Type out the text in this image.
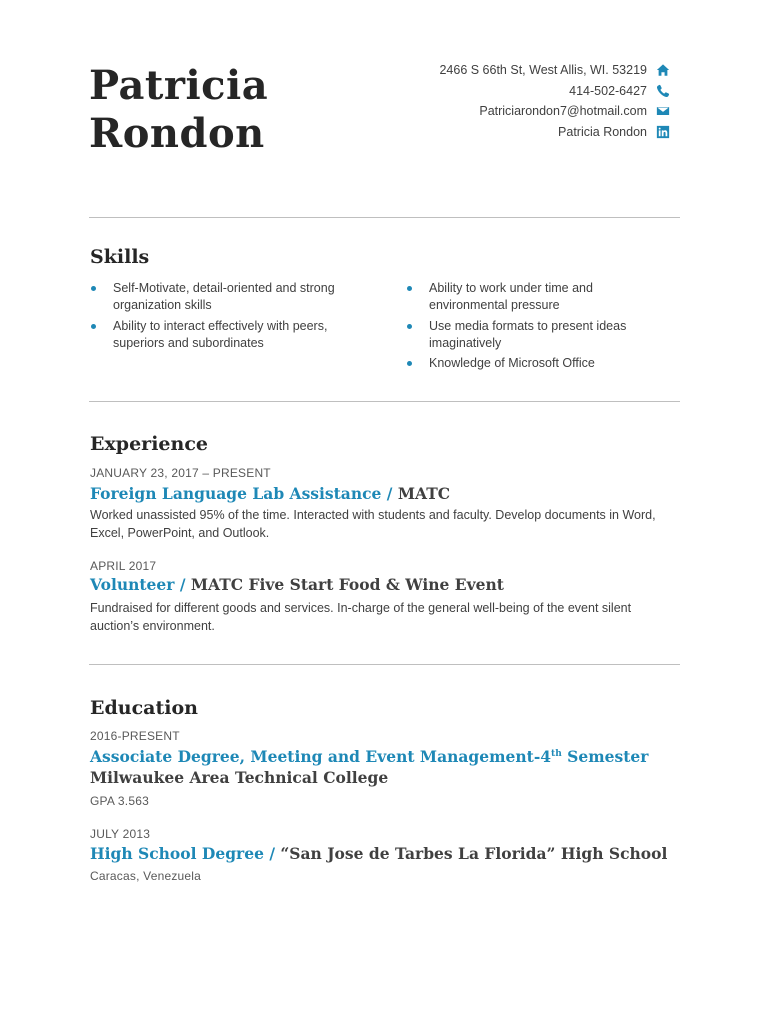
Patricia
Rondon
2466 S 66th St, West Allis, WI. 53219
414-502-6427
Patriciarondon7@hotmail.com
Patricia Rondon
Skills
Self-Motivate, detail-oriented and strong organization skills
Ability to interact effectively with peers, superiors and subordinates
Ability to work under time and environmental pressure
Use media formats to present ideas imaginatively
Knowledge of Microsoft Office
Experience
JANUARY 23, 2017 – PRESENT
Foreign Language Lab Assistance / MATC
Worked unassisted 95% of the time. Interacted with students and faculty. Develop documents in Word, Excel, PowerPoint, and Outlook.
APRIL 2017
Volunteer / MATC Five Start Food & Wine Event
Fundraised for different goods and services. In-charge of the general well-being of the event silent auction’s environment.
Education
2016-PRESENT
Associate Degree, Meeting and Event Management-4th Semester
Milwaukee Area Technical College
GPA 3.563
JULY 2013
High School Degree / “San Jose de Tarbes La Florida” High School
Caracas, Venezuela
